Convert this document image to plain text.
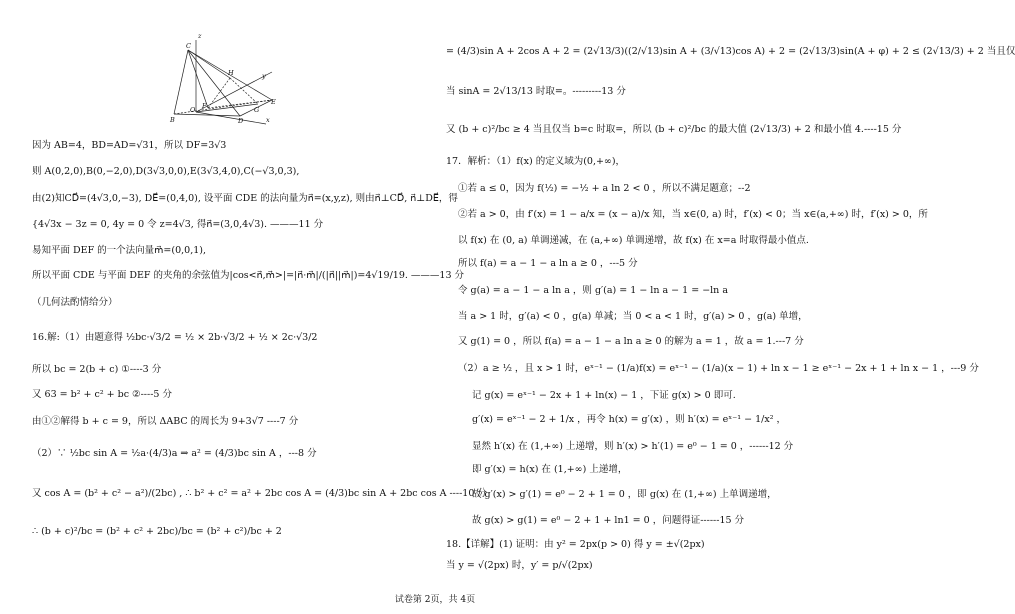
z
C
H	y
E
F	G
O
B	D	x
因为 AB=4，BD=AD=√31，所以 DF=3√3
则 A(0,2,0),B(0,−2,0),D(3√3,0,0),E(3√3,4,0),C(−√3,0,3),
由(2)知CD⃗=(4√3,0,−3), DE⃗=(0,4,0), 设平面 CDE 的法向量为n⃗=(x,y,z), 则由n⃗⊥CD⃗, n⃗⊥DE⃗，得
{4√3x − 3z = 0, 4y = 0 令 z=4√3, 得n⃗=(3,0,4√3). ———11 分
易知平面 DEF 的一个法向量m⃗=(0,0,1),
所以平面 CDE 与平面 DEF 的夹角的余弦值为|cos<n⃗,m⃗>|=|n⃗·m⃗|/(|n⃗||m⃗|)=4√19/19. ———13 分
（几何法酌情给分）
16.解:（1）由题意得 ½bc·√3/2 = ½ × 2b·√3/2 + ½ × 2c·√3/2
所以 bc = 2(b + c) ①----3 分
又 63 = b² + c² + bc ②----5 分
由①②解得 b + c = 9，所以 ΔABC 的周长为 9+3√7 ----7 分
（2）∵ ½bc sin A = ½a·(4/3)a ⇒ a² = (4/3)bc sin A ，---8 分
又 cos A = (b² + c² − a²)/(2bc) , ∴ b² + c² = a² + 2bc cos A = (4/3)bc sin A + 2bc cos A ----10 分
∴ (b + c)²/bc = (b² + c² + 2bc)/bc = (b² + c²)/bc + 2
= (4/3)sin A + 2cos A + 2 = (2√13/3)((2/√13)sin A + (3/√13)cos A) + 2 = (2√13/3)sin(A + φ) + 2 ≤ (2√13/3) + 2 当且仅
当 sinA = 2√13/13 时取=。---------13 分
又 (b + c)²/bc ≥ 4 当且仅当 b=c 时取=，所以 (b + c)²/bc 的最大值 (2√13/3) + 2 和最小值 4.----15 分
17．解析：（1）f(x) 的定义域为(0,+∞)，
①若 a ≤ 0，因为 f(½) = −½ + a ln 2 < 0 ，所以不满足题意；--2
②若 a > 0，由 f′(x) = 1 − a/x = (x − a)/x 知，当 x∈(0, a) 时，f′(x) < 0；当 x∈(a,+∞) 时，f′(x) > 0，所
以 f(x) 在 (0, a) 单调递减，在 (a,+∞) 单调递增，故 f(x) 在 x=a 时取得最小值点.
所以 f(a) = a − 1 − a ln a ≥ 0 ，---5 分
令 g(a) = a − 1 − a ln a ，则 g′(a) = 1 − ln a − 1 = −ln a
当 a > 1 时，g′(a) < 0 ，g(a) 单减；当 0 < a < 1 时，g′(a) > 0 ，g(a) 单增，
又 g(1) = 0 ，所以 f(a) = a − 1 − a ln a ≥ 0 的解为 a = 1 ，故 a = 1.---7 分
（2）a ≥ ½ ，且 x > 1 时，eˣ⁻¹ − (1/a)f(x) = eˣ⁻¹ − (1/a)(x − 1) + ln x − 1 ≥ eˣ⁻¹ − 2x + 1 + ln x − 1 ，---9 分
记 g(x) = eˣ⁻¹ − 2x + 1 + ln(x) − 1 ，下证 g(x) > 0 即可.
g′(x) = eˣ⁻¹ − 2 + 1/x ，再令 h(x) = g′(x) ，则 h′(x) = eˣ⁻¹ − 1/x² ，
显然 h′(x) 在 (1,+∞) 上递增，则 h′(x) > h′(1) = e⁰ − 1 = 0 ，------12 分
即 g′(x) = h(x) 在 (1,+∞) 上递增，
故 g′(x) > g′(1) = e⁰ − 2 + 1 = 0 ，即 g(x) 在 (1,+∞) 上单调递增，
故 g(x) > g(1) = e⁰ − 2 + 1 + ln1 = 0 ，问题得证------15 分
18.【详解】(1) 证明：由 y² = 2px(p > 0) 得 y = ±√(2px)
当 y = √(2px) 时，y′ = p/√(2px)
试卷第 2页，共 4页
